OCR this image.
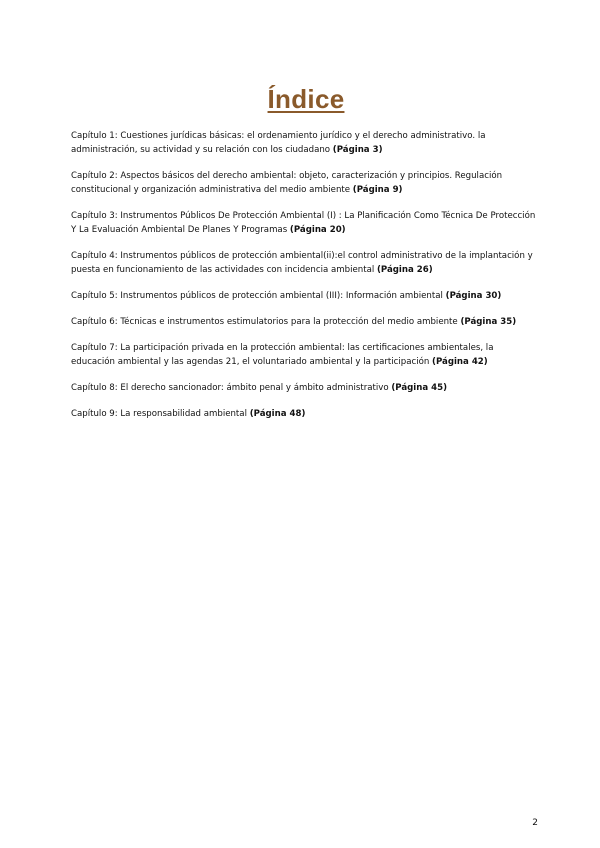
Índice

Capítulo 1: Cuestiones jurídicas básicas: el ordenamiento jurídico y el derecho administrativo. la administración, su actividad y su relación con los ciudadano (Página 3)

Capítulo 2: Aspectos básicos del derecho ambiental: objeto, caracterización y principios. Regulación constitucional y organización administrativa del medio ambiente (Página 9)

Capítulo 3: Instrumentos Públicos De Protección Ambiental (I) : La Planificación Como Técnica De Protección Y La Evaluación Ambiental De Planes Y Programas (Página 20)

Capítulo 4: Instrumentos públicos de protección ambiental(ii):el control administrativo de la implantación y puesta en funcionamiento de las actividades con incidencia ambiental (Página 26)

Capítulo 5: Instrumentos públicos de protección ambiental (III): Información ambiental (Página 30)

Capítulo 6: Técnicas e instrumentos estimulatorios para la protección del medio ambiente (Página 35)

Capítulo 7: La participación privada en la protección ambiental: las certificaciones ambientales, la educación ambiental y las agendas 21, el voluntariado ambiental y la participación (Página 42)

Capítulo 8: El derecho sancionador: ámbito penal y ámbito administrativo (Página 45)

Capítulo 9: La responsabilidad ambiental (Página 48)

2
